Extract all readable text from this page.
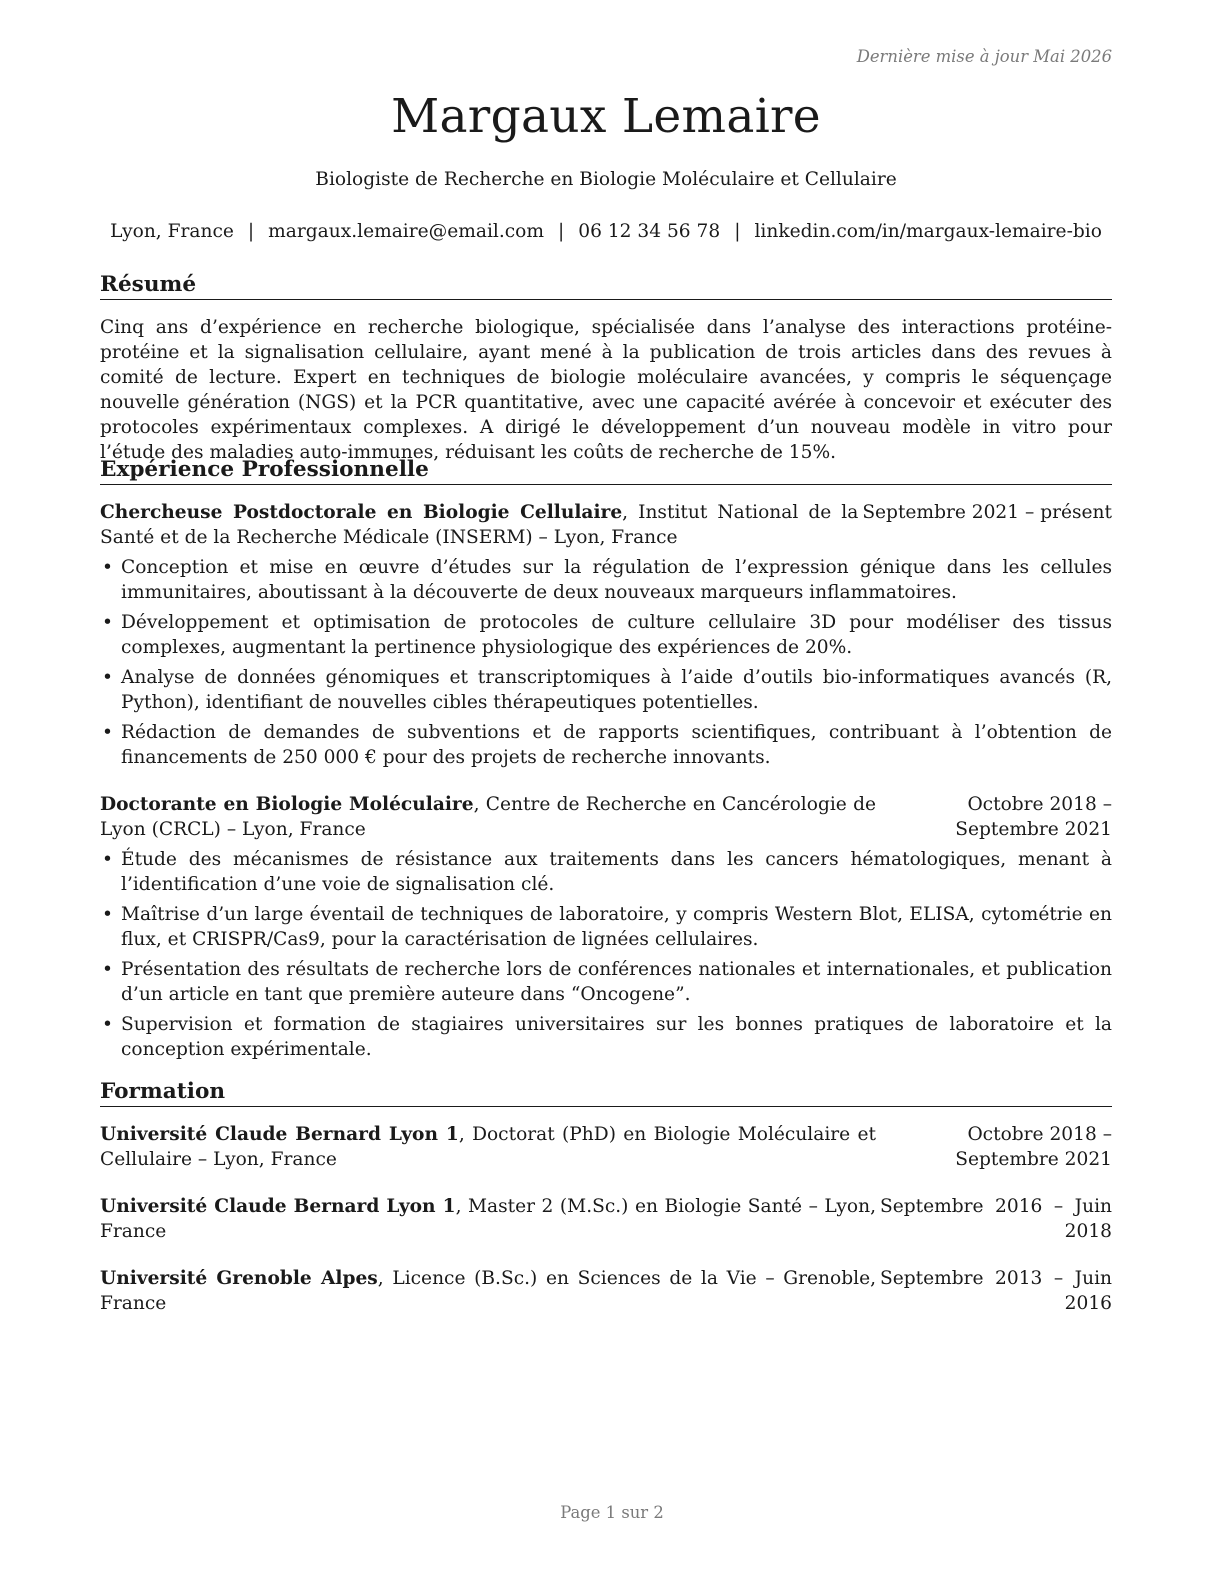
Dernière mise à jour Mai 2026
Margaux Lemaire
Biologiste de Recherche en Biologie Moléculaire et Cellulaire
Lyon, France | margaux.lemaire@email.com | 06 12 34 56 78 | linkedin.com/in/margaux-lemaire-bio
Résumé

Cinq ans d’expérience en recherche biologique, spécialisée dans l’analyse des interactions protéine-protéine et la signalisation cellulaire, ayant mené à la publication de trois articles dans des revues à comité de lecture. Expert en techniques de biologie moléculaire avancées, y compris le séquençage nouvelle génération (NGS) et la PCR quantitative, avec une capacité avérée à concevoir et exécuter des protocoles expérimentaux complexes. A dirigé le développement d’un nouveau modèle in vitro pour l’étude des maladies auto-immunes, réduisant les coûts de recherche de 15%.

Expérience Professionnelle
Chercheuse Postdoctorale en Biologie Cellulaire, Institut National de la Santé et de la Recherche Médicale (INSERM) – Lyon, France
Septembre 2021 – présent
• Conception et mise en œuvre d’études sur la régulation de l’expression génique dans les cellules immunitaires, aboutissant à la découverte de deux nouveaux marqueurs inflammatoires.
• Développement et optimisation de protocoles de culture cellulaire 3D pour modéliser des tissus complexes, augmentant la pertinence physiologique des expériences de 20%.
• Analyse de données génomiques et transcriptomiques à l’aide d’outils bio-informatiques avancés (R, Python), identifiant de nouvelles cibles thérapeutiques potentielles.
• Rédaction de demandes de subventions et de rapports scientifiques, contribuant à l’obtention de financements de 250 000 € pour des projets de recherche innovants.
Doctorante en Biologie Moléculaire, Centre de Recherche en Cancérologie de Lyon (CRCL) – Lyon, France
Octobre 2018 – Septembre 2021
• Étude des mécanismes de résistance aux traitements dans les cancers hématologiques, menant à l’identification d’une voie de signalisation clé.
• Maîtrise d’un large éventail de techniques de laboratoire, y compris Western Blot, ELISA, cytométrie en flux, et CRISPR/Cas9, pour la caractérisation de lignées cellulaires.
• Présentation des résultats de recherche lors de conférences nationales et internationales, et publication d’un article en tant que première auteure dans “Oncogene”.
• Supervision et formation de stagiaires universitaires sur les bonnes pratiques de laboratoire et la conception expérimentale.
Formation
Université Claude Bernard Lyon 1, Doctorat (PhD) en Biologie Moléculaire et Cellulaire – Lyon, France
Octobre 2018 – Septembre 2021
Université Claude Bernard Lyon 1, Master 2 (M.Sc.) en Biologie Santé – Lyon, France
Septembre 2016 – Juin 2018
Université Grenoble Alpes, Licence (B.Sc.) en Sciences de la Vie – Grenoble, France
Septembre 2013 – Juin 2016
Page 1 sur 2
